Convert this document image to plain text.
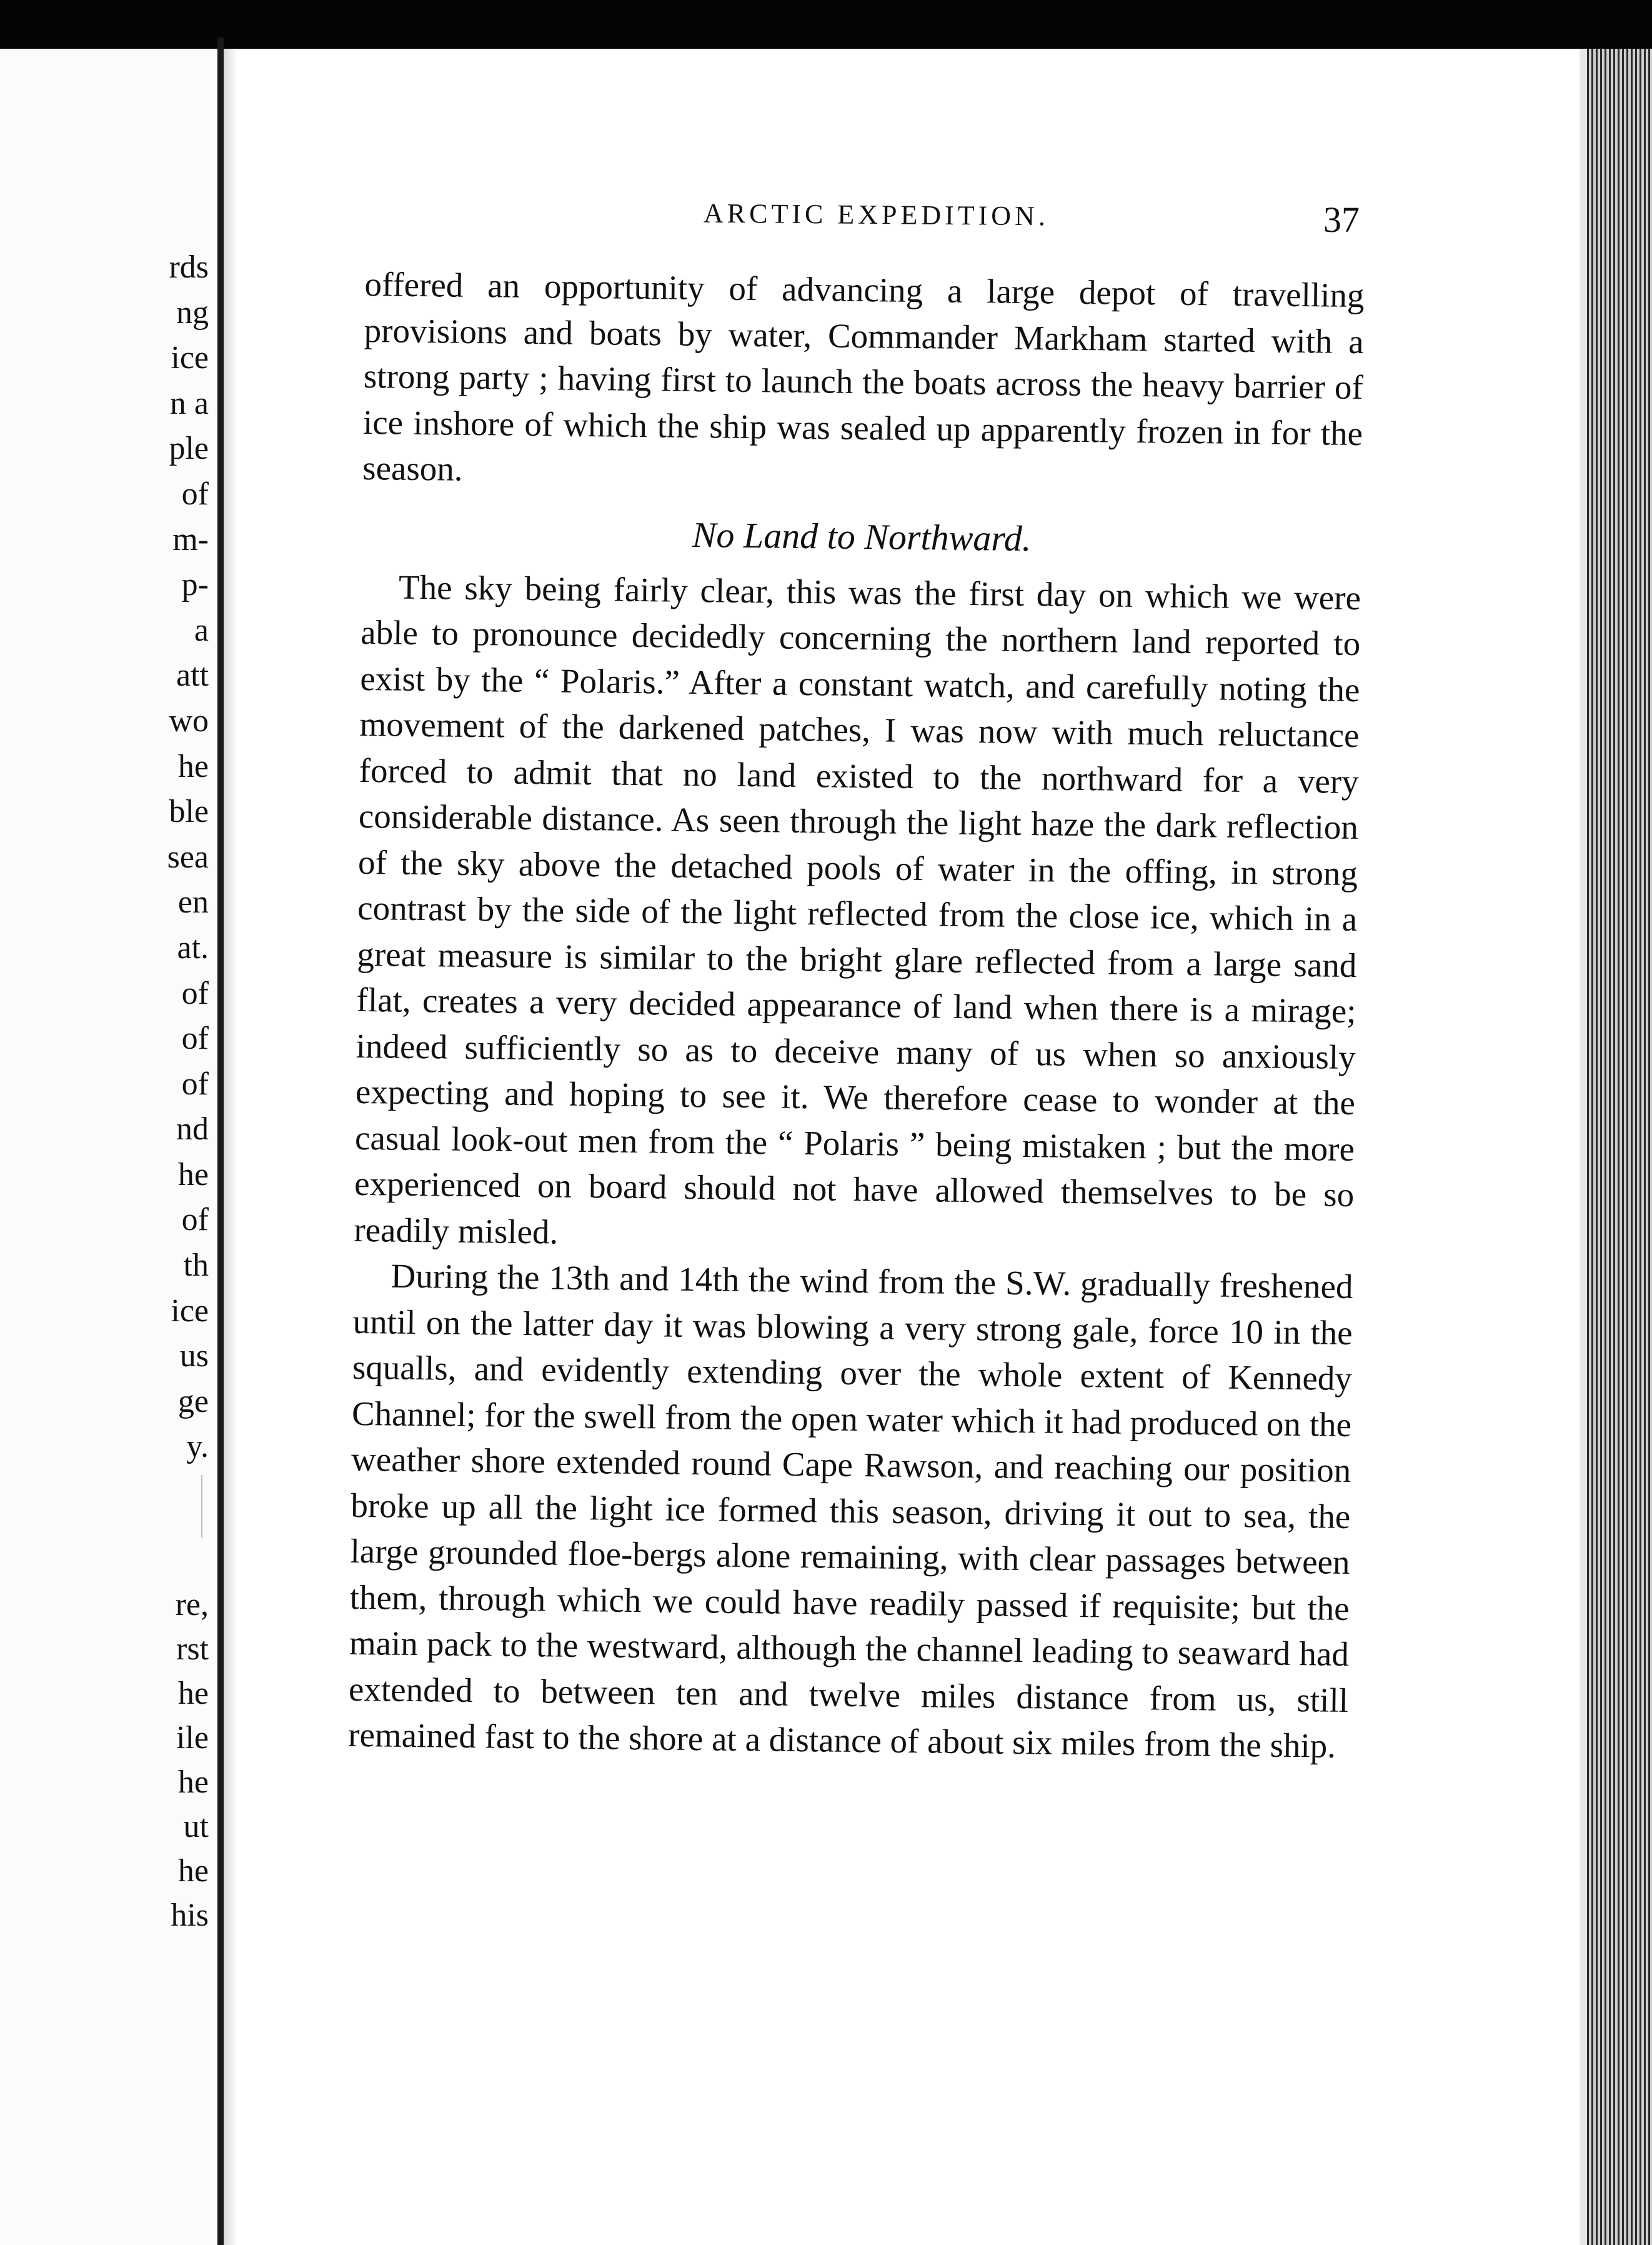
rds
ng
ice
n a
ple
of
m-
p-
a
att
wo
he
ble
sea
en
at.
of
of
of
nd
he
of
th
ice
us
ge
y.
re,
rst
he
ile
he
ut
he
his
ARCTIC EXPEDITION.	37

offered an opportunity of advancing a large depot of travelling provisions and boats by water, Commander Markham started with a strong party ; having first to launch the boats across the heavy barrier of ice inshore of which the ship was sealed up apparently frozen in for the season.

No Land to Northward.

The sky being fairly clear, this was the first day on which we were able to pronounce decidedly concerning the northern land reported to exist by the “ Polaris.” After a constant watch, and carefully noting the movement of the darkened patches, I was now with much reluctance forced to admit that no land existed to the northward for a very considerable distance. As seen through the light haze the dark reflection of the sky above the detached pools of water in the offing, in strong contrast by the side of the light reflected from the close ice, which in a great measure is similar to the bright glare reflected from a large sand flat, creates a very decided appearance of land when there is a mirage; indeed sufficiently so as to deceive many of us when so anxiously expecting and hoping to see it. We therefore cease to wonder at the casual look-out men from the “ Polaris ” being mistaken ; but the more experienced on board should not have allowed themselves to be so readily misled.

During the 13th and 14th the wind from the S.W. gradually freshened until on the latter day it was blowing a very strong gale, force 10 in the squalls, and evidently extending over the whole extent of Kennedy Channel; for the swell from the open water which it had produced on the weather shore extended round Cape Rawson, and reaching our position broke up all the light ice formed this season, driving it out to sea, the large grounded floe-bergs alone remaining, with clear passages between them, through which we could have readily passed if requisite; but the main pack to the westward, although the channel leading to seaward had extended to between ten and twelve miles distance from us, still remained fast to the shore at a distance of about six miles from the ship.
